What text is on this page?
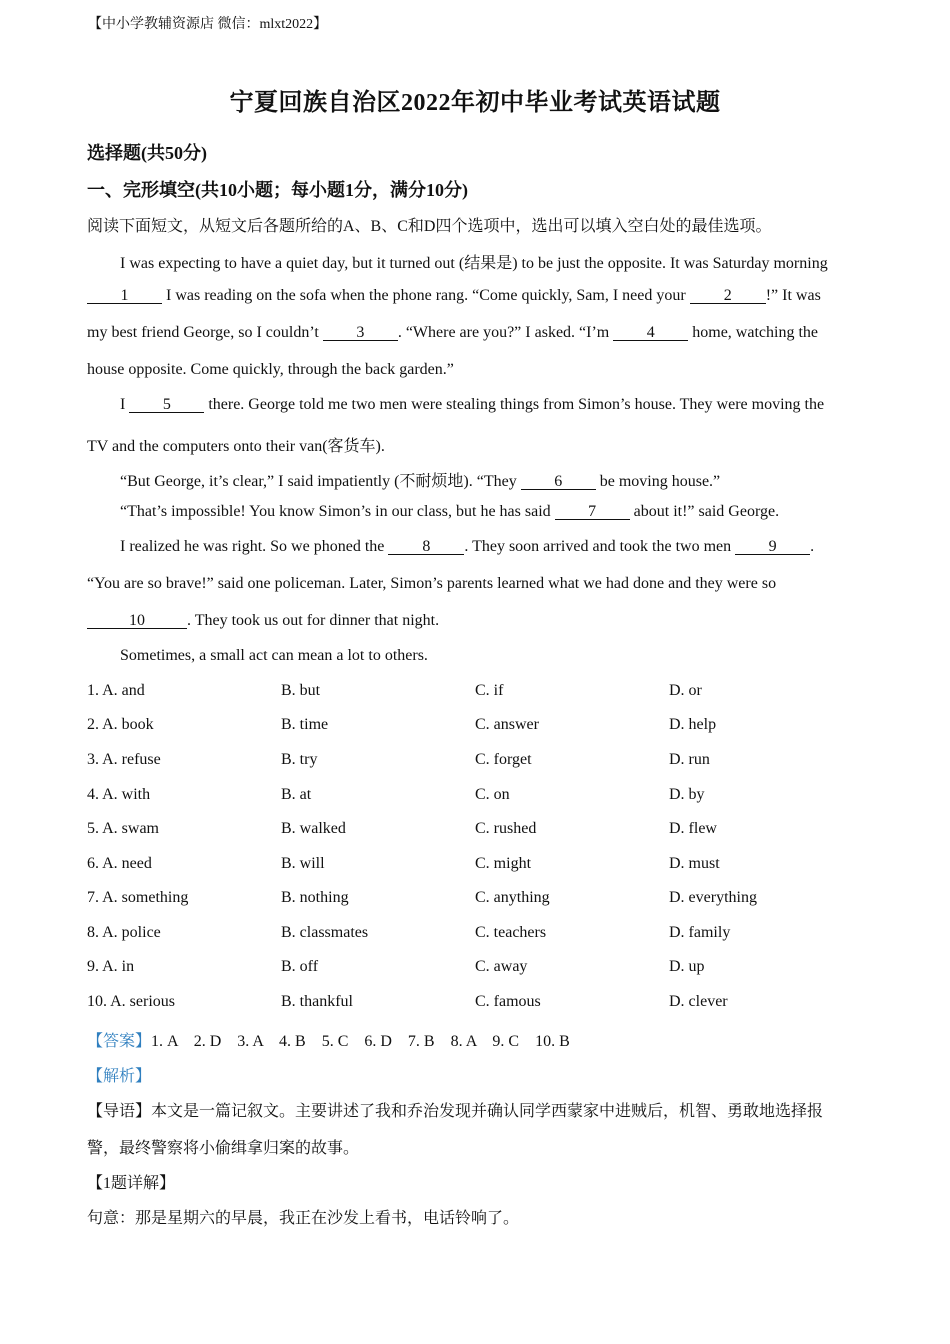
【中小学教辅资源店 微信：mlxt2022】
宁夏回族自治区2022年初中毕业考试英语试题
选择题(共50分)
一、完形填空(共10小题；每小题1分，满分10分)
阅读下面短文，从短文后各题所给的A、B、C和D四个选项中，选出可以填入空白处的最佳选项。
I was expecting to have a quiet day, but it turned out (结果是) to be just the opposite. It was Saturday morning
1 I was reading on the sofa when the phone rang. “Come quickly, Sam, I need your 2 !” It was
my best friend George, so I couldn’t 3 . “Where are you?” I asked. “I’m 4 home, watching the
house opposite. Come quickly, through the back garden.”
I 5 there. George told me two men were stealing things from Simon’s house. They were moving the
TV and the computers onto their van(客货车).
“But George, it’s clear,” I said impatiently (不耐烦地). “They 6 be moving house.”
“That’s impossible! You know Simon’s in our class, but he has said 7 about it!” said George.
I realized he was right. So we phoned the 8 . They soon arrived and took the two men 9 .
“You are so brave!” said one policeman. Later, Simon’s parents learned what we had done and they were so
10	. They took us out for dinner that night.
Sometimes, a small act can mean a lot to others.
1. A. and	B. but	C. if	D. or
2. A. book	B. time	C. answer	D. help
3. A. refuse	B. try	C. forget	D. run
4. A. with	B. at	C. on	D. by
5. A. swam	B. walked	C. rushed	D. flew
6. A. need	B. will	C. might	D. must
7. A. something	B. nothing	C. anything	D. everything
8. A. police	B. classmates	C. teachers	D. family
9. A. in	B. off	C. away	D. up
10. A. serious	B. thankful	C. famous	D. clever
【答案】1. A    2. D    3. A    4. B    5. C    6. D    7. B    8. A    9. C    10. B
【解析】
【导语】本文是一篇记叙文。主要讲述了我和乔治发现并确认同学西蒙家中进贼后，机智、勇敢地选择报
警，最终警察将小偷缉拿归案的故事。
【1题详解】
句意：那是星期六的早晨，我正在沙发上看书，电话铃响了。
